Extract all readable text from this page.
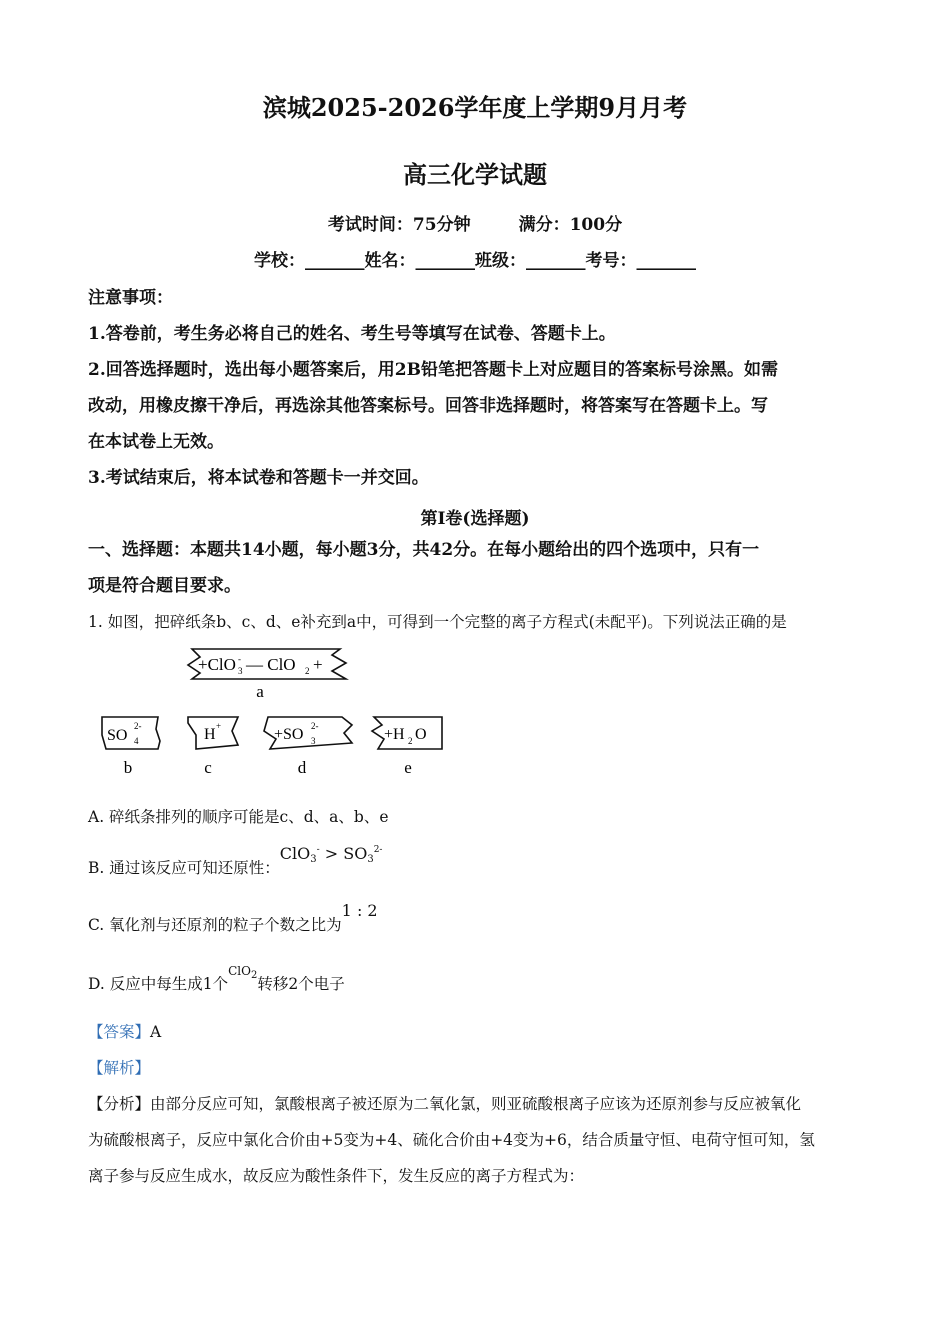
滨城2025-2026学年度上学期9月月考
高三化学试题
考试时间：75分钟	满分：100分
学校：_______姓名：_______班级：_______考号：_______
注意事项：
1.答卷前，考生务必将自己的姓名、考生号等填写在试卷、答题卡上。
2.回答选择题时，选出每小题答案后，用2B铅笔把答题卡上对应题目的答案标号涂黑。如需
改动，用橡皮擦干净后，再选涂其他答案标号。回答非选择题时，将答案写在答题卡上。写
在本试卷上无效。
3.考试结束后，将本试卷和答题卡一并交回。
第I卷(选择题)
一、选择题：本题共14小题，每小题3分，共42分。在每小题给出的四个选项中，只有一
项是符合题目要求。
1. 如图，把碎纸条b、c、d、e补充到a中，可得到一个完整的离子方程式(未配平)。下列说法正确的是
+ClO 3
- — ClO 2 +
a
SO 4
2-
b
H +
c
+SO 3
2-
d
+H 2 O
e
A. 碎纸条排列的顺序可能是c、d、a、b、e
B. 通过该反应可知还原性：$ClO_3^- > SO_3^{2-}$
C. 氧化剂与还原剂的粒子个数之比为1 : 2
D. 反应中每生成1个$^{ClO_2}$转移2个电子
【答案】A
【解析】
【分析】由部分反应可知，氯酸根离子被还原为二氧化氯，则亚硫酸根离子应该为还原剂参与反应被氧化
为硫酸根离子，反应中氯化合价由+5变为+4、硫化合价由+4变为+6，结合质量守恒、电荷守恒可知，氢
离子参与反应生成水，故反应为酸性条件下，发生反应的离子方程式为：
